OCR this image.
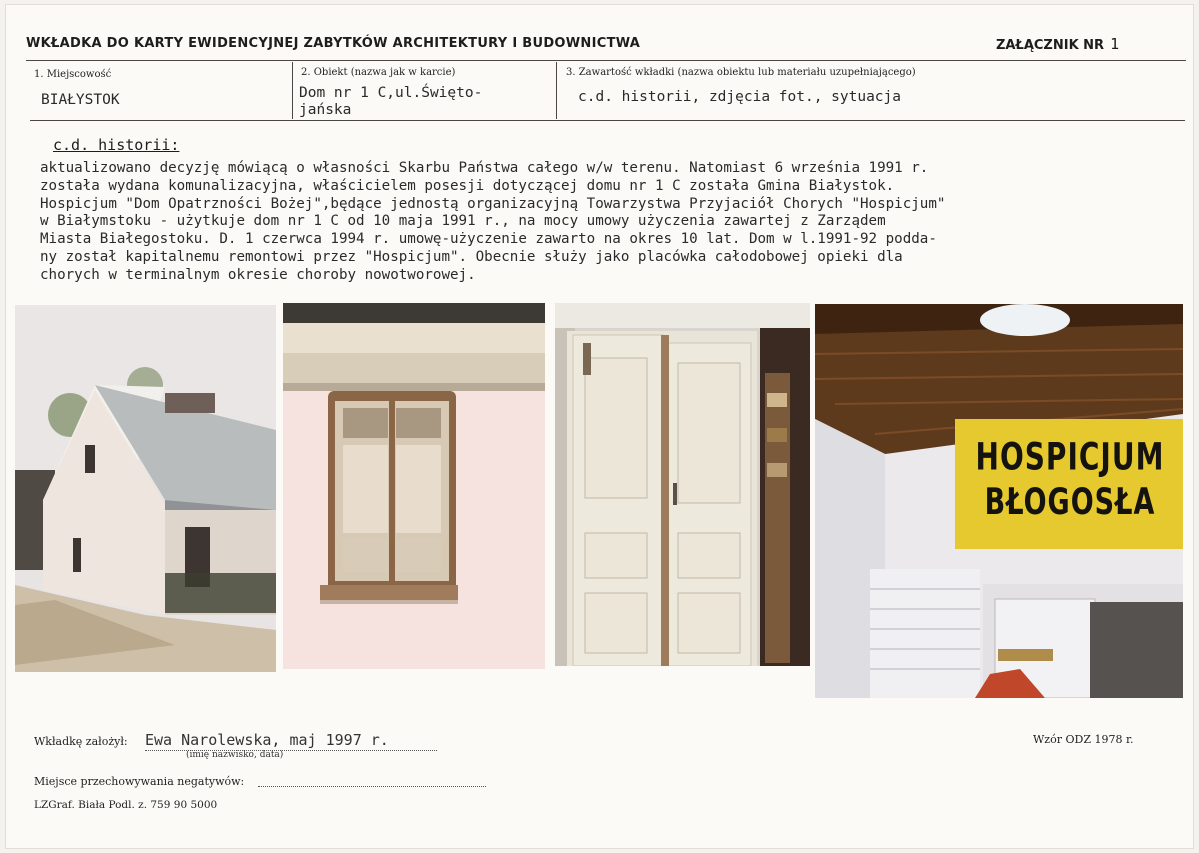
WKŁADKA DO KARTY EWIDENCYJNEJ ZABYTKÓW ARCHITEKTURY I BUDOWNICTWA	ZAŁĄCZNIK NR 1
1. Miejscowość
BIAŁYSTOK
2. Obiekt (nazwa jak w karcie)
Dom nr 1 C,ul.Święto-
jańska
3. Zawartość wkładki (nazwa obiektu lub materiału uzupełniającego)
c.d. historii, zdjęcia fot., sytuacja
c.d. historii:
aktualizowano decyzję mówiącą o własności Skarbu Państwa całego w/w terenu. Natomiast 6 września 1991 r.
została wydana komunalizacyjna, właścicielem posesji dotyczącej domu nr 1 C została Gmina Białystok.
Hospicjum "Dom Opatrzności Bożej",będące jednostą organizacyjną Towarzystwa Przyjaciół Chorych "Hospicjum"
w Białymstoku - użytkuje dom nr 1 C od 10 maja 1991 r., na mocy umowy użyczenia zawartej z Zarządem
Miasta Białegostoku. D. 1 czerwca 1994 r. umowę-użyczenie zawarto na okres 10 lat. Dom w l.1991-92 podda-
ny został kapitalnemu remontowi przez "Hospicjum". Obecnie służy jako placówka całodobowej opieki dla
chorych w terminalnym okresie choroby nowotworowej.
HOSPICJUM
BŁOGOSŁA
Wkładkę założył: Ewa Narolewska, maj 1997 r.
(imię nazwisko, data)
Wzór ODZ 1978 r.
Miejsce przechowywania negatywów:
LZGraf. Biała Podl. z. 759 90 5000
